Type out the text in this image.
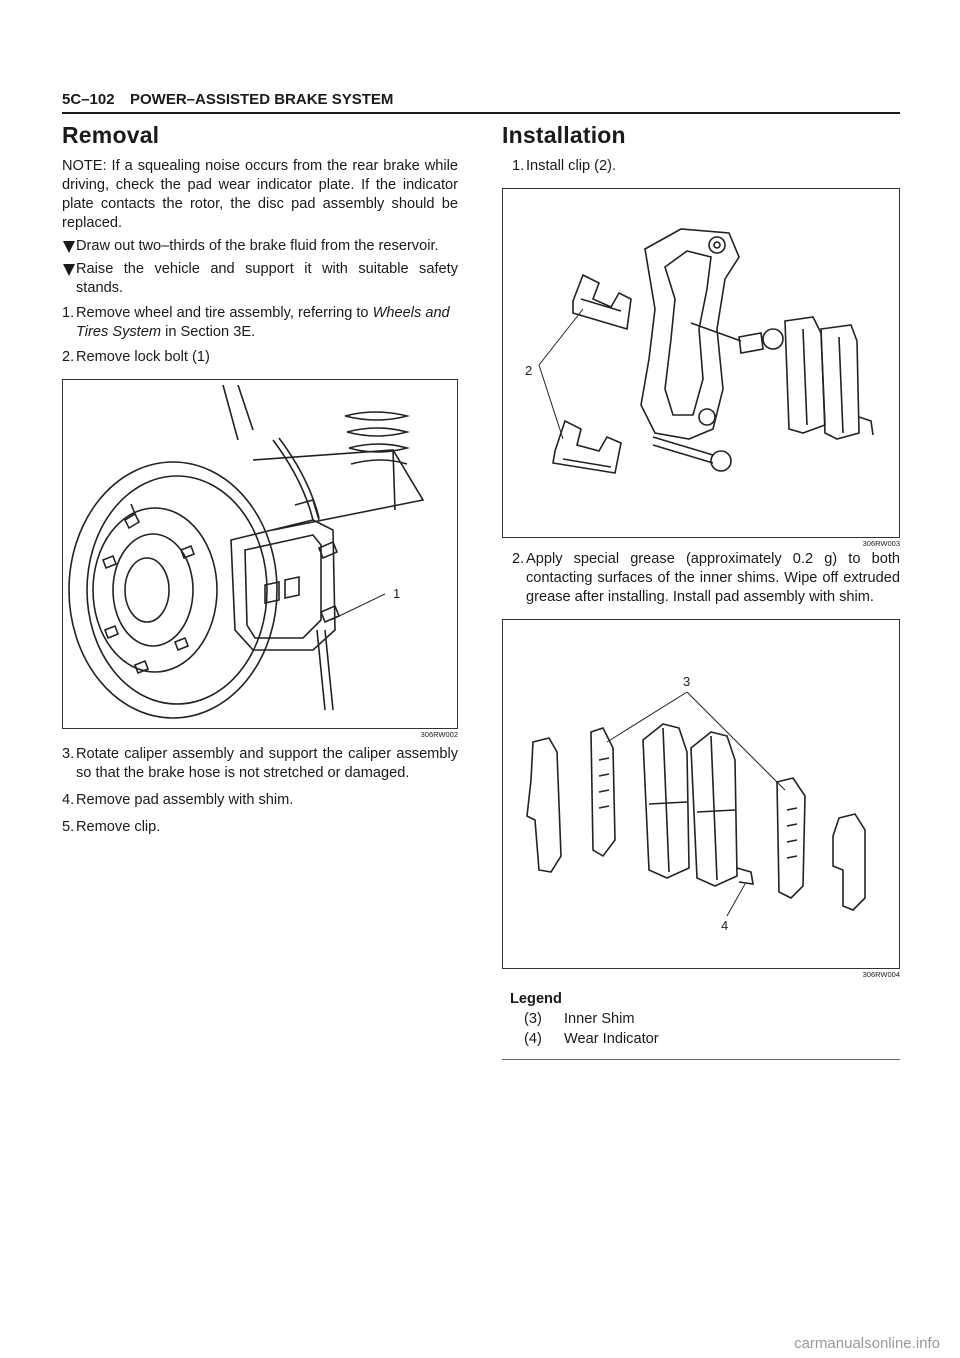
5C–102 POWER–ASSISTED BRAKE SYSTEM
Removal

NOTE: If a squealing noise occurs from the rear brake while driving, check the pad wear indicator plate. If the indicator plate contacts the rotor, the disc pad assembly should be replaced.

Draw out two–thirds of the brake fluid from the reservoir.

Raise the vehicle and support it with suitable safety stands.

1. Remove wheel and tire assembly, referring to Wheels and Tires System in Section 3E.

2. Remove lock bolt (1)

1
306RW002

3. Rotate caliper assembly and support the caliper assembly so that the brake hose is not stretched or damaged.

4. Remove pad assembly with shim.

5. Remove clip.

Installation

1. Install clip (2).

2
306RW003

2. Apply special grease (approximately 0.2 g) to both contacting surfaces of the inner shims. Wipe off extruded grease after installing. Install pad assembly with shim.

3
4
306RW004
Legend
(3) Inner Shim
(4) Wear Indicator
carmanualsonline.info
